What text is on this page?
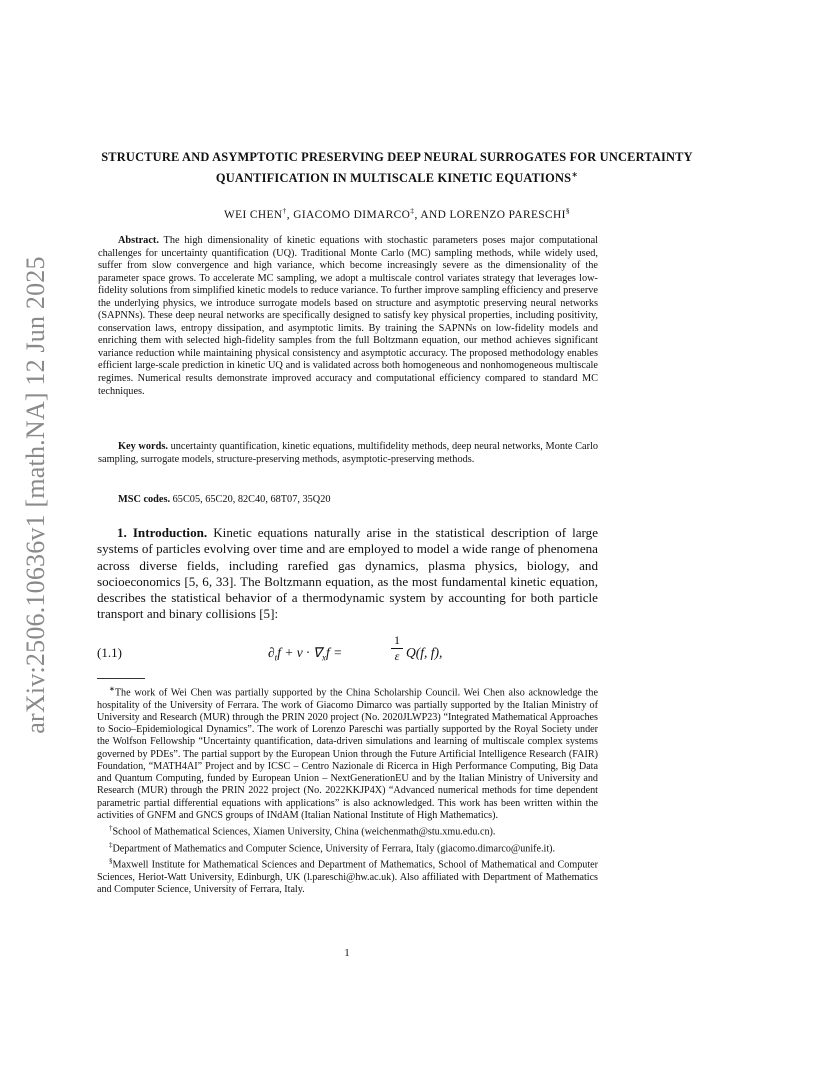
arXiv:2506.10636v1 [math.NA] 12 Jun 2025
STRUCTURE AND ASYMPTOTIC PRESERVING DEEP NEURAL SURROGATES FOR UNCERTAINTY QUANTIFICATION IN MULTISCALE KINETIC EQUATIONS∗
WEI CHEN†, GIACOMO DIMARCO‡, AND LORENZO PARESCHI§
Abstract. The high dimensionality of kinetic equations with stochastic parameters poses major computational challenges for uncertainty quantification (UQ). Traditional Monte Carlo (MC) sampling methods, while widely used, suffer from slow convergence and high variance, which become increasingly severe as the dimensionality of the parameter space grows. To accelerate MC sampling, we adopt a multiscale control variates strategy that leverages low-fidelity solutions from simplified kinetic models to reduce variance. To further improve sampling efficiency and preserve the underlying physics, we introduce surrogate models based on structure and asymptotic preserving neural networks (SAPNNs). These deep neural networks are specifically designed to satisfy key physical properties, including positivity, conservation laws, entropy dissipation, and asymptotic limits. By training the SAPNNs on low-fidelity models and enriching them with selected high-fidelity samples from the full Boltzmann equation, our method achieves significant variance reduction while maintaining physical consistency and asymptotic accuracy. The proposed methodology enables efficient large-scale prediction in kinetic UQ and is validated across both homogeneous and nonhomogeneous multiscale regimes. Numerical results demonstrate improved accuracy and computational efficiency compared to standard MC techniques.
Key words. uncertainty quantification, kinetic equations, multifidelity methods, deep neural networks, Monte Carlo sampling, surrogate models, structure-preserving methods, asymptotic-preserving methods.
MSC codes. 65C05, 65C20, 82C40, 68T07, 35Q20
1. Introduction. Kinetic equations naturally arise in the statistical description of large systems of particles evolving over time and are employed to model a wide range of phenomena across diverse fields, including rarefied gas dynamics, plasma physics, biology, and socioeconomics [5, 6, 33]. The Boltzmann equation, as the most fundamental kinetic equation, describes the statistical behavior of a thermodynamic system by accounting for both particle transport and binary collisions [5]:
(1.1)	$\partial_tf + v \cdot \nabla_xf$ =
1
ε Q(f, f),

∗The work of Wei Chen was partially supported by the China Scholarship Council. Wei Chen also acknowledge the hospitality of the University of Ferrara. The work of Giacomo Dimarco was partially supported by the Italian Ministry of University and Research (MUR) through the PRIN 2020 project (No. 2020JLWP23) “Integrated Mathematical Approaches to Socio–Epidemiological Dynamics”. The work of Lorenzo Pareschi was partially supported by the Royal Society under the Wolfson Fellowship “Uncertainty quantification, data-driven simulations and learning of multiscale complex systems governed by PDEs”. The partial support by the European Union through the Future Artificial Intelligence Research (FAIR) Foundation, “MATH4AI” Project and by ICSC – Centro Nazionale di Ricerca in High Performance Computing, Big Data and Quantum Computing, funded by European Union – NextGenerationEU and by the Italian Ministry of University and Research (MUR) through the PRIN 2022 project (No. 2022KKJP4X) “Advanced numerical methods for time dependent parametric partial differential equations with applications” is also acknowledged. This work has been written within the activities of GNFM and GNCS groups of INdAM (Italian National Institute of High Mathematics).

†School of Mathematical Sciences, Xiamen University, China (weichenmath@stu.xmu.edu.cn).

‡Department of Mathematics and Computer Science, University of Ferrara, Italy (giacomo.dimarco@unife.it).

§Maxwell Institute for Mathematical Sciences and Department of Mathematics, School of Mathematical and Computer Sciences, Heriot-Watt University, Edinburgh, UK (l.pareschi@hw.ac.uk). Also affiliated with Department of Mathematics and Computer Science, University of Ferrara, Italy.

1
